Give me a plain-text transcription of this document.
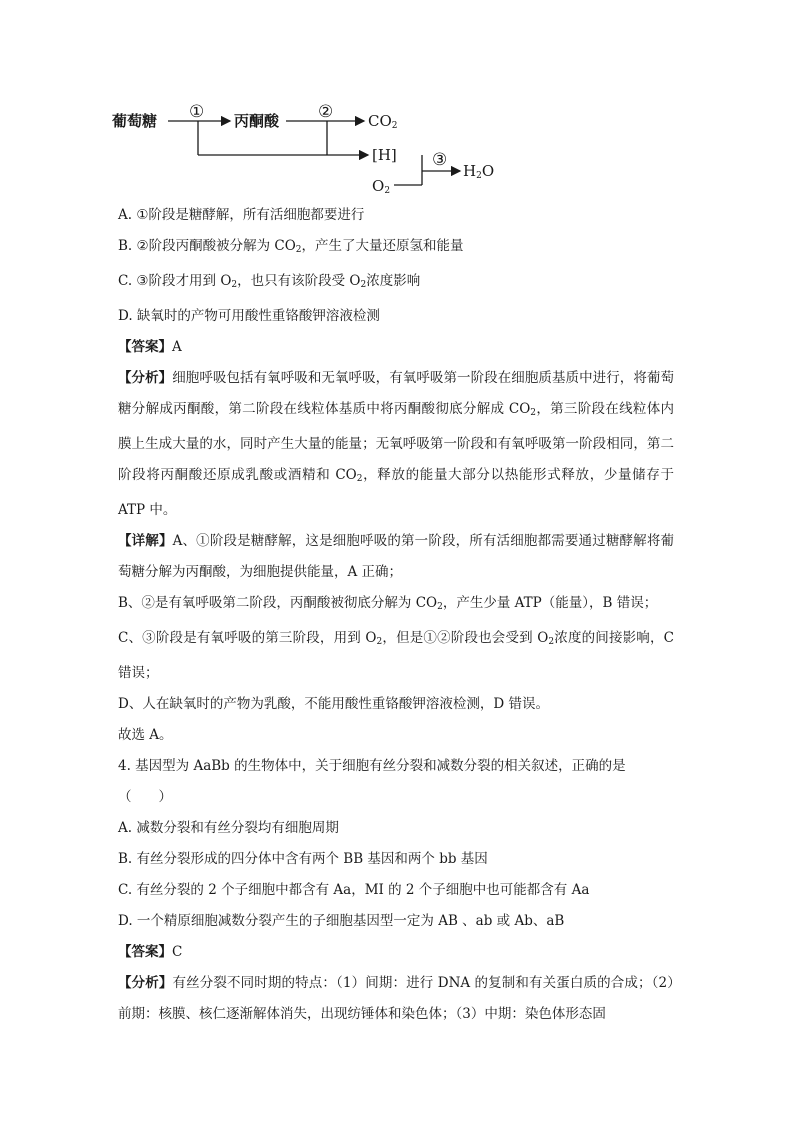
葡萄糖 ① 丙酮酸 ② $CO_2$
[H] ③
$O_2$
$H_2O$
A. ①阶段是糖酵解，所有活细胞都要进行
B. ②阶段丙酮酸被分解为 $CO_2$，产生了大量还原氢和能量
C. ③阶段才用到 $O_2$，也只有该阶段受 $O_2$浓度影响
D. 缺氧时的产物可用酸性重铬酸钾溶液检测
【答案】A
【分析】细胞呼吸包括有氧呼吸和无氧呼吸，有氧呼吸第一阶段在细胞质基质中进行，将葡萄糖分解成丙酮酸，第二阶段在线粒体基质中将丙酮酸彻底分解成 $CO_2$，第三阶段在线粒体内膜上生成大量的水，同时产生大量的能量；无氧呼吸第一阶段和有氧呼吸第一阶段相同，第二阶段将丙酮酸还原成乳酸或酒精和 $CO_2$，释放的能量大部分以热能形式释放，少量储存于 ATP 中。
【详解】A、①阶段是糖酵解，这是细胞呼吸的第一阶段，所有活细胞都需要通过糖酵解将葡萄糖分解为丙酮酸，为细胞提供能量，A 正确；
B、②是有氧呼吸第二阶段，丙酮酸被彻底分解为 $CO_2$，产生少量 ATP（能量），B 错误；
C、③阶段是有氧呼吸的第三阶段，用到 $O_2$，但是①②阶段也会受到 $O_2$浓度的间接影响，C 错误；
D、人在缺氧时的产物为乳酸，不能用酸性重铬酸钾溶液检测，D 错误。
故选 A。
4. 基因型为 AaBb 的生物体中，关于细胞有丝分裂和减数分裂的相关叙述，正确的是
（　　）
A. 减数分裂和有丝分裂均有细胞周期
B. 有丝分裂形成的四分体中含有两个 BB 基因和两个 bb 基因
C. 有丝分裂的 2 个子细胞中都含有 Aa，MI 的 2 个子细胞中也可能都含有 Aa
D. 一个精原细胞减数分裂产生的子细胞基因型一定为 AB 、ab 或 Ab、aB
【答案】C
【分析】有丝分裂不同时期的特点：（1）间期：进行 DNA 的复制和有关蛋白质的合成；（2）前期：核膜、核仁逐渐解体消失，出现纺锤体和染色体；（3）中期：染色体形态固
